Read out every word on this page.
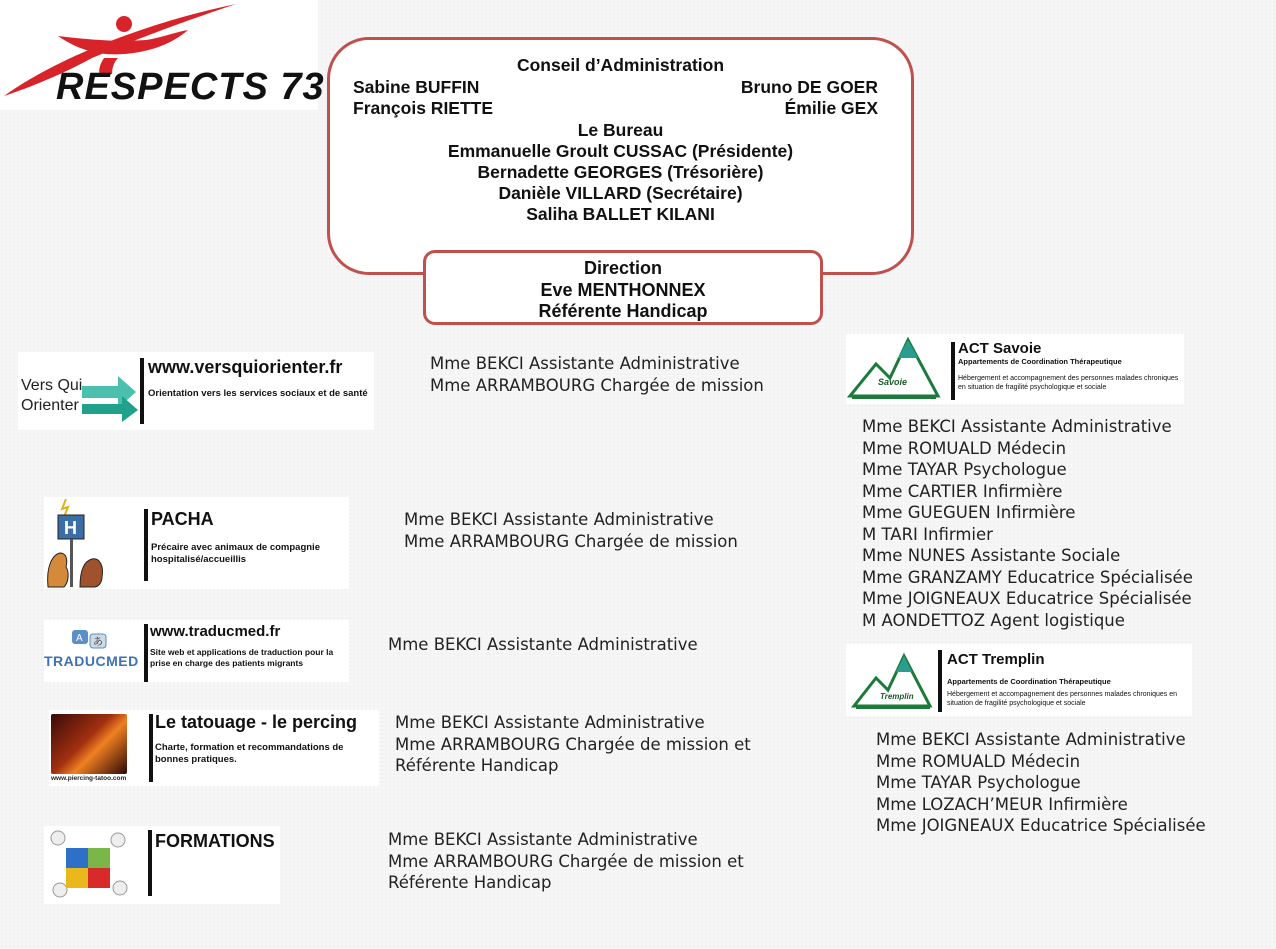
RESPECTS 73
Conseil d’Administration
Sabine BUFFIN
François RIETTE
Bruno DE GOER
Émilie GEX
Le Bureau
Emmanuelle Groult CUSSAC (Présidente)
Bernadette GEORGES (Trésorière)
Danièle VILLARD (Secrétaire)
Saliha BALLET KILANI
Direction
Eve MENTHONNEX
Référente Handicap
Vers Qui Orienter
www.versquiorienter.fr
Orientation vers les services sociaux et de santé
Mme BEKCI Assistante Administrative
Mme ARRAMBOURG Chargée de mission
H	PACHA
Précaire avec animaux de compagnie hospitalisé/accueillis
Mme BEKCI Assistante Administrative
Mme ARRAMBOURG Chargée de mission
A あ
TRADUCMED
www.traducmed.fr
Site web et applications de traduction pour la prise en charge des patients migrants
Mme BEKCI Assistante Administrative
www.piercing-tatoo.com
Le tatouage - le percing
Charte, formation et recommandations de bonnes pratiques.
Mme BEKCI Assistante Administrative
Mme ARRAMBOURG Chargée de mission et
Référente Handicap
FORMATIONS	Mme BEKCI Assistante Administrative
Mme ARRAMBOURG Chargée de mission et
Référente Handicap
Savoie
ACT Savoie
Appartements de Coordination Thérapeutique
Hébergement et accompagnement des personnes malades chroniques en situation de fragilité psychologique et sociale
Mme BEKCI Assistante Administrative
Mme ROMUALD Médecin
Mme TAYAR Psychologue
Mme CARTIER Infirmière
Mme GUEGUEN Infirmière
M TARI Infirmier
Mme NUNES Assistante Sociale
Mme GRANZAMY Educatrice Spécialisée
Mme JOIGNEAUX Educatrice Spécialisée
M AONDETTOZ Agent logistique
Tremplin
ACT Tremplin
Appartements de Coordination Thérapeutique
Hébergement et accompagnement des personnes malades chroniques en situation de fragilité psychologique et sociale
Mme BEKCI Assistante Administrative
Mme ROMUALD Médecin
Mme TAYAR Psychologue
Mme LOZACH’MEUR Infirmière
Mme JOIGNEAUX Educatrice Spécialisée
